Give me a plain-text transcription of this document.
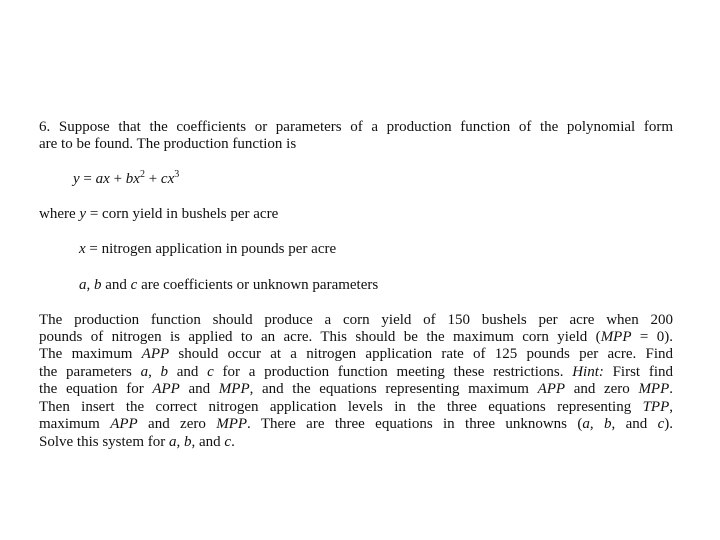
6. Suppose that the coefficients or parameters of a production function of the polynomial form
are to be found. The production function is
y = ax + $bx^2 + cx^3$
where y = corn yield in bushels per acre
x = nitrogen application in pounds per acre
a, b and c are coefficients or unknown parameters
The production function should produce a corn yield of 150 bushels per acre when 200
pounds of nitrogen is applied to an acre. This should be the maximum corn yield (MPP = 0).
The maximum APP should occur at a nitrogen application rate of 125 pounds per acre. Find
the parameters a, b and c for a production function meeting these restrictions. Hint: First find
the equation for APP and MPP, and the equations representing maximum APP and zero MPP.
Then insert the correct nitrogen application levels in the three equations representing TPP,
maximum APP and zero MPP. There are three equations in three unknowns (a, b, and c).
Solve this system for a, b, and c.
